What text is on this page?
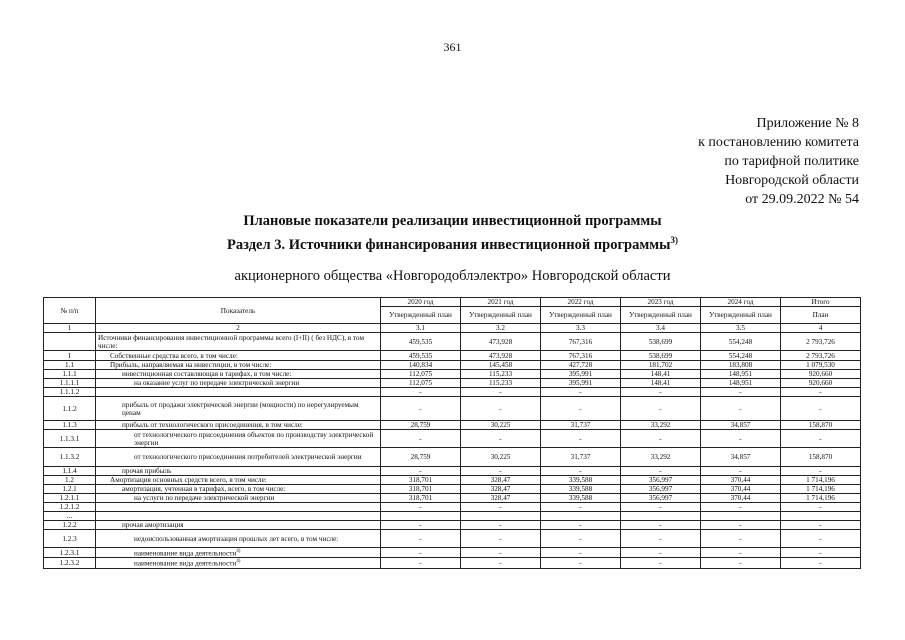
361
Приложение № 8
к постановлению комитета
по тарифной политике
Новгородской области
от 29.09.2022 № 54
Плановые показатели реализации инвестиционной программы
Раздел 3. Источники финансирования инвестиционной программы$^{3)}$
акционерного общества «Новгородоблэлектро» Новгородской области
№ п/п	Показатель	2020 год	2021 год	2022 год	2023 год	2024 год	Итого
		Утвержденный план	Утвержденный план	Утвержденный план	Утвержденный план	Утвержденный план	План
1	2	3.1	3.2	3.3	3.4	3.5	4
	Источники финансирования инвестиционной программы всего (I+II) ( без НДС), в том числе:	459,535	473,928	767,316	538,699	554,248	2 793,726
I	Собственные средства всего, в том числе:	459,535	473,928	767,316	538,699	554,248	2 793,726
1.1	Прибыль, направляемая на инвестиции, в том числе:	140,834	145,458	427,728	181,702	183,808	1 079,530
1.1.1	инвестиционная составляющая в тарифах, в том числе:	112,075	115,233	395,991	148,41	148,951	920,660
1.1.1.1	на оказание услуг по передаче электрической энергии	112,075	115,233	395,991	148,41	148,951	920,660
1.1.1.2		-	-	-	-	-	-
1.1.2	прибыль от продажи электрической энергии (мощности) по нерегулируемым ценам	-	-	-	-	-	-
1.1.3	прибыль от технологического присоединения, в том числе:	28,759	30,225	31,737	33,292	34,857	158,870
1.1.3.1	от технологического присоединения объектов по производству электрической энергии	-	-	-	-	-	-
1.1.3.2	от технологического присоединения потребителей электрической энергии	28,759	30,225	31,737	33,292	34,857	158,870
1.1.4	прочая прибыль	-	-	-	-	-	-
1.2	Амортизация основных средств всего, в том числе:	318,701	328,47	339,588	356,997	370,44	1 714,196
1.2.1	амортизация, учтенная в тарифах, всего, в том числе:	318,701	328,47	339,588	356,997	370,44	1 714,196
1.2.1.1	на услуги по передаче электрической энергии	318,701	328,47	339,588	356,997	370,44	1 714,196
1.2.1.2		-	-	-	-	-	-
...							
1.2.2	прочая амортизация	-	-	-	-	-	-
1.2.3	недоиспользованная амортизация прошлых лет всего, в том числе:	-	-	-	-	-	-
1.2.3.1	наименование вида деятельности$^{4)}$	-	-	-	-	-	-
1.2.3.2	наименование вида деятельности$^{4)}$	-	-	-	-	-	-
